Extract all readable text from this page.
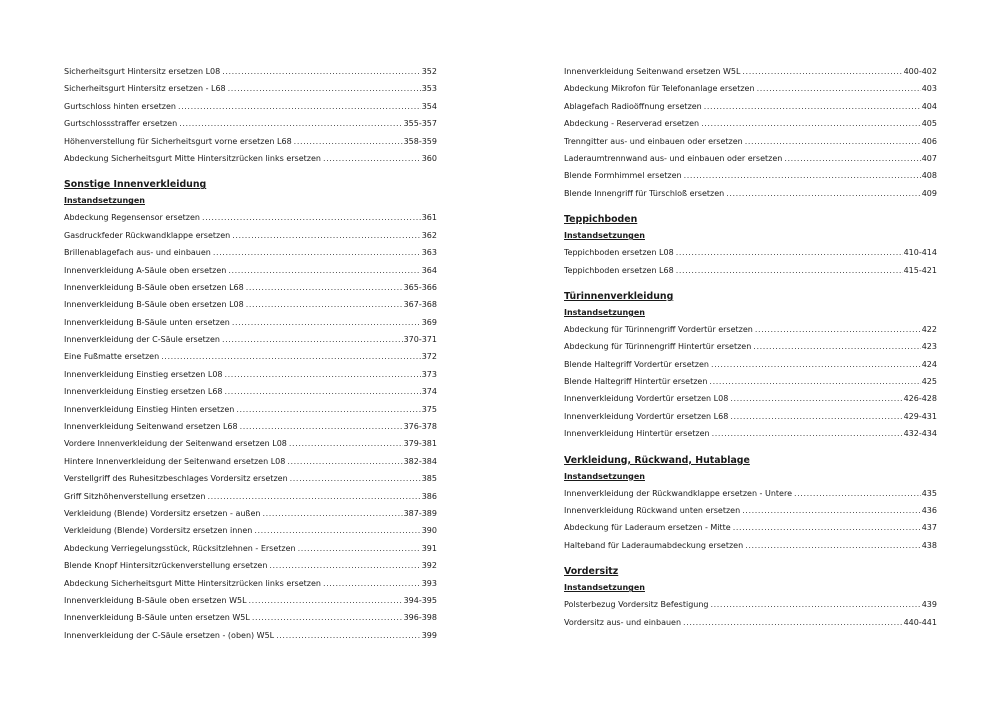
Sicherheitsgurt Hintersitz ersetzen L08 .....	352
Sicherheitsgurt Hintersitz ersetzen - L68 .....	353
Gurtschloss hinten ersetzen .....	354
Gurtschlossstraffer ersetzen .....	355-357
Höhenverstellung für Sicherheitsgurt vorne ersetzen L68 .....	358-359
Abdeckung Sicherheitsgurt Mitte Hintersitzrücken links ersetzen .....	360
Sonstige Innenverkleidung
Instandsetzungen
Abdeckung Regensensor ersetzen .....	361
Gasdruckfeder Rückwandklappe ersetzen .....	362
Brillenablagefach aus- und einbauen .....	363
Innenverkleidung A-Säule oben ersetzen .....	364
Innenverkleidung B-Säule oben ersetzen L68 .....	365-366
Innenverkleidung B-Säule oben ersetzen L08 .....	367-368
Innenverkleidung B-Säule unten ersetzen .....	369
Innenverkleidung der C-Säule ersetzen .....	370-371
Eine Fußmatte ersetzen .....	372
Innenverkleidung Einstieg ersetzen L08 .....	373
Innenverkleidung Einstieg ersetzen L68 .....	374
Innenverkleidung Einstieg Hinten ersetzen .....	375
Innenverkleidung Seitenwand ersetzen L68 .....	376-378
Vordere Innenverkleidung der Seitenwand ersetzen L08 .....	379-381
Hintere Innenverkleidung der Seitenwand ersetzen L08 .....	382-384
Verstellgriff des Ruhesitzbeschlages Vordersitz ersetzen .....	385
Griff Sitzhöhenverstellung ersetzen .....	386
Verkleidung (Blende) Vordersitz ersetzen - außen .....	387-389
Verkleidung (Blende) Vordersitz ersetzen innen .....	390
Abdeckung Verriegelungsstück, Rücksitzlehnen - Ersetzen .....	391
Blende Knopf Hintersitzrückenverstellung ersetzen .....	392
Abdeckung Sicherheitsgurt Mitte Hintersitzrücken links ersetzen .....	393
Innenverkleidung B-Säule oben ersetzen W5L .....	394-395
Innenverkleidung B-Säule unten ersetzen W5L .....	396-398
Innenverkleidung der C-Säule ersetzen - (oben) W5L .....	399
Innenverkleidung Seitenwand ersetzen W5L .....	400-402
Abdeckung Mikrofon für Telefonanlage ersetzen .....	403
Ablagefach Radioöffnung ersetzen .....	404
Abdeckung - Reserverad ersetzen .....	405
Trenngitter aus- und einbauen oder ersetzen .....	406
Laderaumtrennwand aus- und einbauen oder ersetzen .....	407
Blende Formhimmel ersetzen .....	408
Blende Innengriff für Türschloß ersetzen .....	409
Teppichboden
Instandsetzungen
Teppichboden ersetzen L08 .....	410-414
Teppichboden ersetzen L68 .....	415-421
Türinnenverkleidung
Instandsetzungen
Abdeckung für Türinnengriff Vordertür ersetzen .....	422
Abdeckung für Türinnengriff Hintertür ersetzen .....	423
Blende Haltegriff Vordertür ersetzen .....	424
Blende Haltegriff Hintertür ersetzen .....	425
Innenverkleidung Vordertür ersetzen L08 .....	426-428
Innenverkleidung Vordertür ersetzen L68 .....	429-431
Innenverkleidung Hintertür ersetzen .....	432-434
Verkleidung, Rückwand, Hutablage
Instandsetzungen
Innenverkleidung der Rückwandklappe ersetzen - Untere .....	435
Innenverkleidung Rückwand unten ersetzen .....	436
Abdeckung für Laderaum ersetzen - Mitte .....	437
Halteband für Laderaumabdeckung ersetzen .....	438
Vordersitz
Instandsetzungen
Polsterbezug Vordersitz Befestigung .....	439
Vordersitz aus- und einbauen .....	440-441
